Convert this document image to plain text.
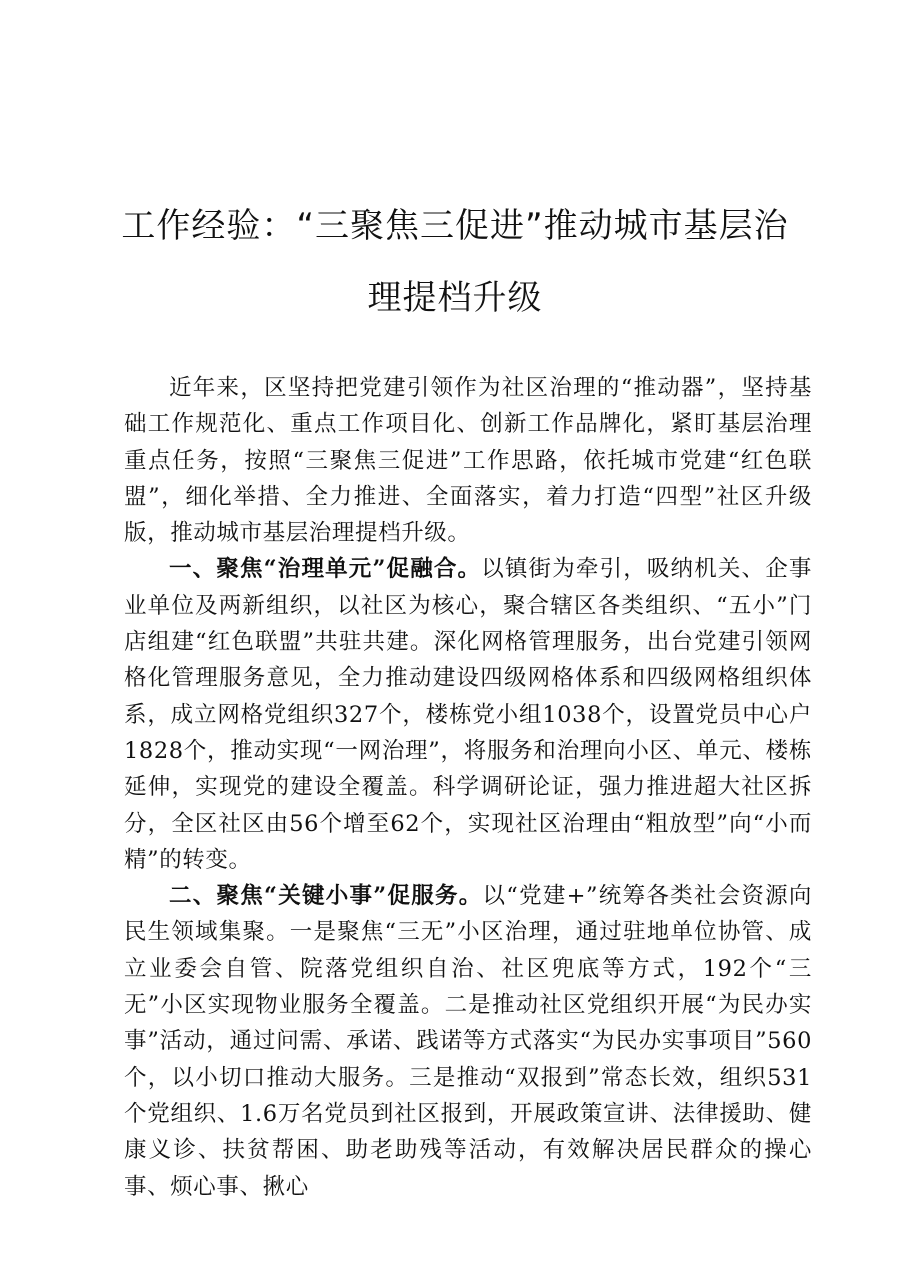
工作经验：“三聚焦三促进”推动城市基层治理提档升级

近年来，区坚持把党建引领作为社区治理的“推动器”，坚持基础工作规范化、重点工作项目化、创新工作品牌化，紧盯基层治理重点任务，按照“三聚焦三促进”工作思路，依托城市党建“红色联盟”，细化举措、全力推进、全面落实，着力打造“四型”社区升级版，推动城市基层治理提档升级。

一、聚焦“治理单元”促融合。以镇街为牵引，吸纳机关、企事业单位及两新组织，以社区为核心，聚合辖区各类组织、“五小”门店组建“红色联盟”共驻共建。深化网格管理服务，出台党建引领网格化管理服务意见，全力推动建设四级网格体系和四级网格组织体系，成立网格党组织327个，楼栋党小组1038个，设置党员中心户1828个，推动实现“一网治理”，将服务和治理向小区、单元、楼栋延伸，实现党的建设全覆盖。科学调研论证，强力推进超大社区拆分，全区社区由56个增至62个，实现社区治理由“粗放型”向“小而精”的转变。

二、聚焦“关键小事”促服务。以“党建+”统筹各类社会资源向民生领域集聚。一是聚焦“三无”小区治理，通过驻地单位协管、成立业委会自管、院落党组织自治、社区兜底等方式，192个“三无”小区实现物业服务全覆盖。二是推动社区党组织开展“为民办实事”活动，通过问需、承诺、践诺等方式落实“为民办实事项目”560个，以小切口推动大服务。三是推动“双报到”常态长效，组织531个党组织、1.6万名党员到社区报到，开展政策宣讲、法律援助、健康义诊、扶贫帮困、助老助残等活动，有效解决居民群众的操心事、烦心事、揪心
